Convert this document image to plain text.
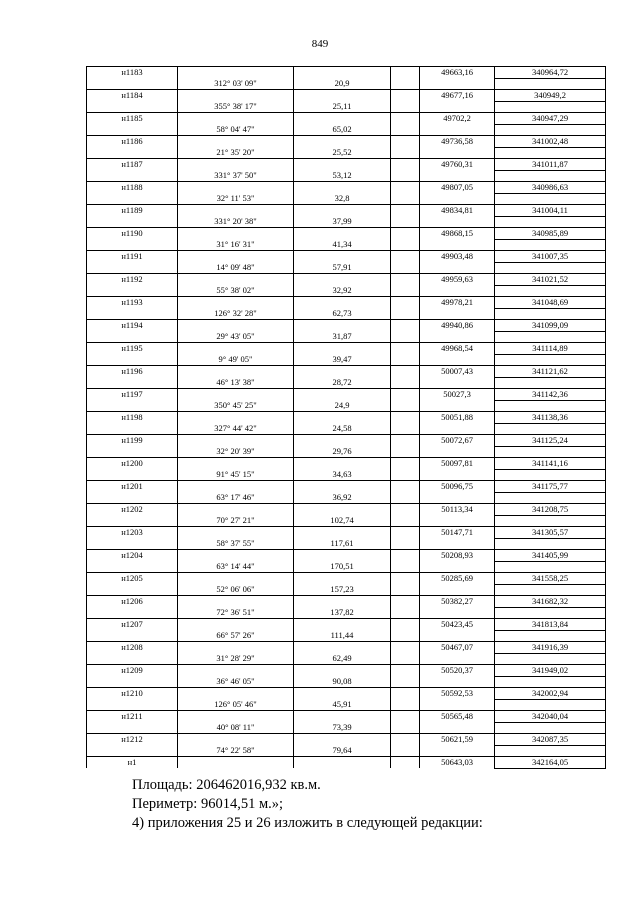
849
н1183				49663,16	340964,72
	312° 03' 09"	20,9			
н1184				49677,16	340949,2
	355° 38' 17"	25,11			
н1185				49702,2	340947,29
	58° 04' 47"	65,02			
н1186				49736,58	341002,48
	21° 35' 20"	25,52			
н1187				49760,31	341011,87
	331° 37' 50"	53,12			
н1188				49807,05	340986,63
	32° 11' 53"	32,8			
н1189				49834,81	341004,11
	331° 20' 38"	37,99			
н1190				49868,15	340985,89
	31° 16' 31"	41,34			
н1191				49903,48	341007,35
	14° 09' 48"	57,91			
н1192				49959,63	341021,52
	55° 38' 02"	32,92			
н1193				49978,21	341048,69
	126° 32' 28"	62,73			
н1194				49940,86	341099,09
	29° 43' 05"	31,87			
н1195				49968,54	341114,89
	9° 49' 05"	39,47			
н1196				50007,43	341121,62
	46° 13' 38"	28,72			
н1197				50027,3	341142,36
	350° 45' 25"	24,9			
н1198				50051,88	341138,36
	327° 44' 42"	24,58			
н1199				50072,67	341125,24
	32° 20' 39"	29,76			
н1200				50097,81	341141,16
	91° 45' 15"	34,63			
н1201				50096,75	341175,77
	63° 17' 46"	36,92			
н1202				50113,34	341208,75
	70° 27' 21"	102,74			
н1203				50147,71	341305,57
	58° 37' 55"	117,61			
н1204				50208,93	341405,99
	63° 14' 44"	170,51			
н1205				50285,69	341558,25
	52° 06' 06"	157,23			
н1206				50382,27	341682,32
	72° 36' 51"	137,82			
н1207				50423,45	341813,84
	66° 57' 26"	111,44			
н1208				50467,07	341916,39
	31° 28' 29"	62,49			
н1209				50520,37	341949,02
	36° 46' 05"	90,08			
н1210				50592,53	342002,94
	126° 05' 46"	45,91			
н1211				50565,48	342040,04
	40° 08' 11"	73,39			
н1212				50621,59	342087,35
	74° 22' 58"	79,64			
н1				50643,03	342164,05
Площадь: 206462016,932 кв.м.
Периметр: 96014,51 м.»;
4) приложения 25 и 26 изложить в следующей редакции:
